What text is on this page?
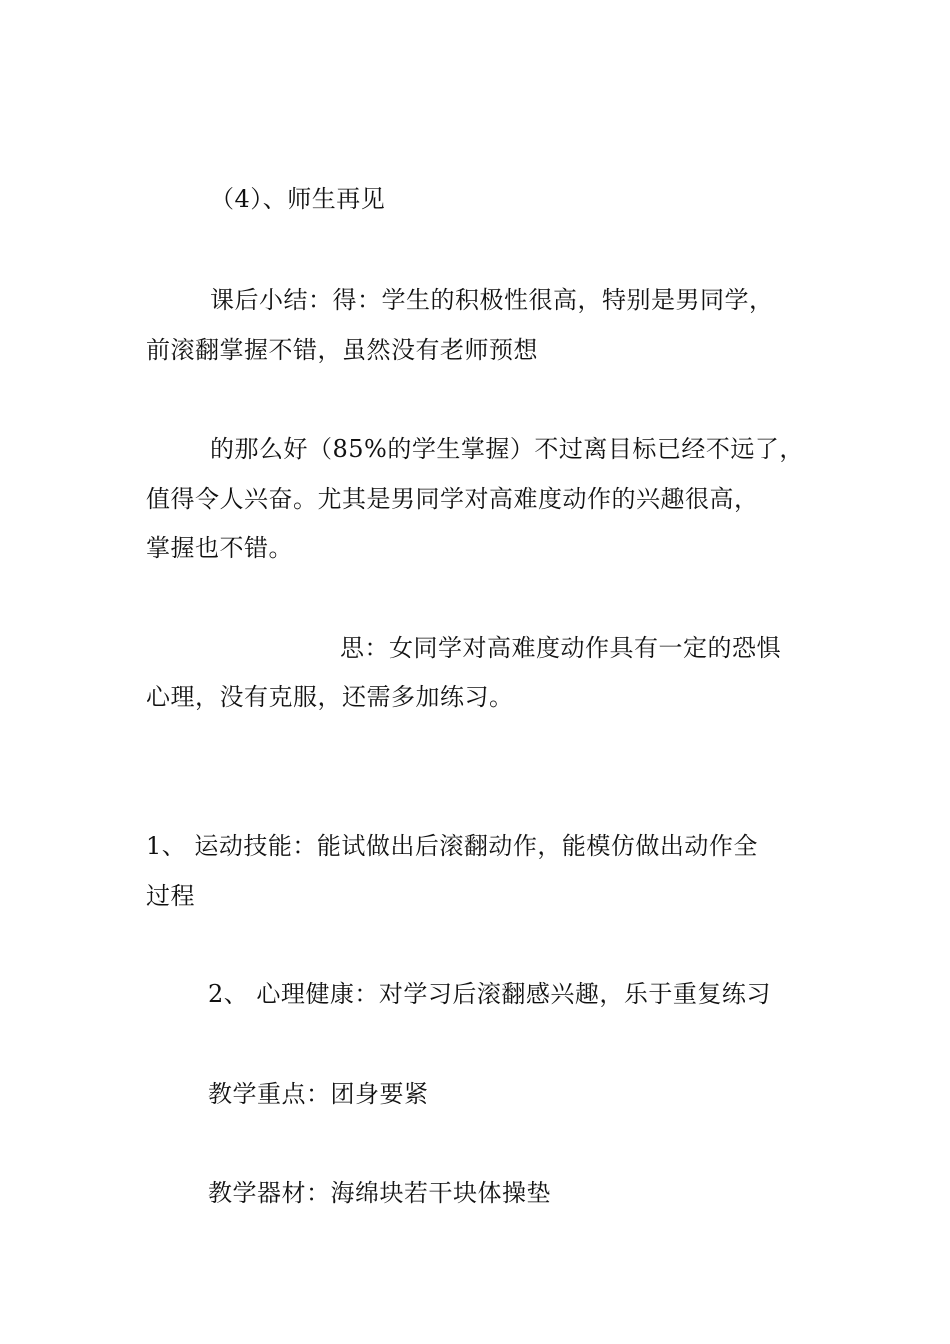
（4）、师生再见
课后小结：得：学生的积极性很高，特别是男同学，
前滚翻掌握不错，虽然没有老师预想
的那么好（85%的学生掌握）不过离目标已经不远了，
值得令人兴奋。尤其是男同学对高难度动作的兴趣很高，
掌握也不错。
思：女同学对高难度动作具有一定的恐惧
心理，没有克服，还需多加练习。
1、 运动技能：能试做出后滚翻动作，能模仿做出动作全
过程
2、 心理健康：对学习后滚翻感兴趣，乐于重复练习
教学重点：团身要紧
教学器材：海绵块若干块体操垫
